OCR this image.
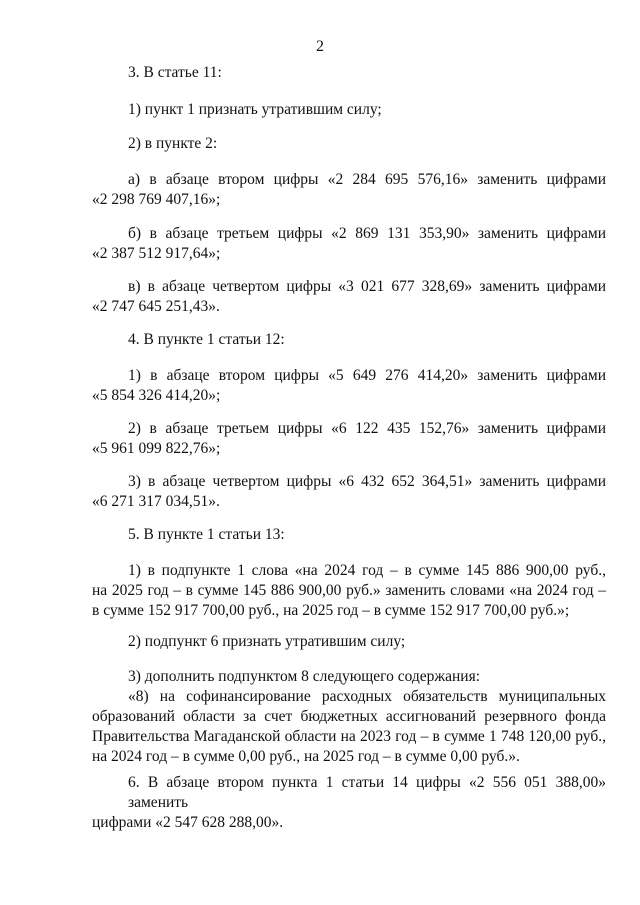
2
3. В статье 11:
1) пункт 1 признать утратившим силу;
2) в пункте 2:
а) в абзаце втором цифры «2 284 695 576,16» заменить цифрами
«2 298 769 407,16»;
б) в абзаце третьем цифры «2 869 131 353,90» заменить цифрами
«2 387 512 917,64»;
в) в абзаце четвертом цифры «3 021 677 328,69» заменить цифрами
«2 747 645 251,43».
4. В пункте 1 статьи 12:
1) в абзаце втором цифры «5 649 276 414,20» заменить цифрами
«5 854 326 414,20»;
2) в абзаце третьем цифры «6 122 435 152,76» заменить цифрами
«5 961 099 822,76»;
3) в абзаце четвертом цифры «6 432 652 364,51» заменить цифрами
«6 271 317 034,51».
5. В пункте 1 статьи 13:
1) в подпункте 1 слова «на 2024 год – в сумме 145 886 900,00 руб.,
на 2025 год – в сумме 145 886 900,00 руб.» заменить словами «на 2024 год –
в сумме 152 917 700,00 руб., на 2025 год – в сумме 152 917 700,00 руб.»;
2) подпункт 6 признать утратившим силу;
3) дополнить подпунктом 8 следующего содержания:
«8) на софинансирование расходных обязательств муниципальных
образований области за счет бюджетных ассигнований резервного фонда
Правительства Магаданской области на 2023 год – в сумме 1 748 120,00 руб.,
на 2024 год – в сумме 0,00 руб., на 2025 год – в сумме 0,00 руб.».
6. В абзаце втором пункта 1 статьи 14 цифры «2 556 051 388,00» заменить
цифрами «2 547 628 288,00».
